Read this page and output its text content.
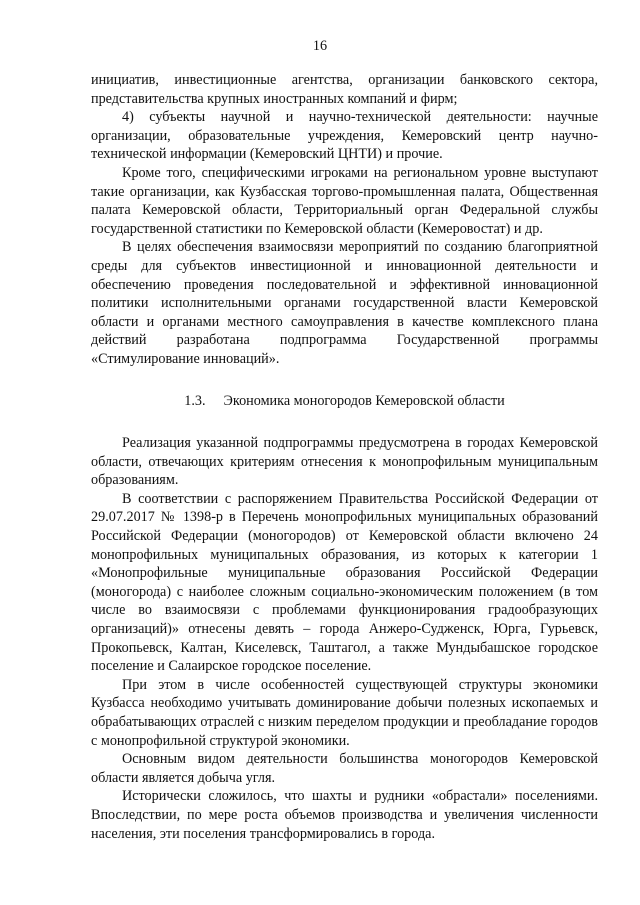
16

инициатив, инвестиционные агентства, организации банковского сектора, представительства крупных иностранных компаний и фирм;

4) субъекты научной и научно-технической деятельности: научные организации, образовательные учреждения, Кемеровский центр научно-технической информации (Кемеровский ЦНТИ) и прочие.

Кроме того, специфическими игроками на региональном уровне выступают такие организации, как Кузбасская торгово-промышленная палата, Общественная палата Кемеровской области, Территориальный орган Федеральной службы государственной статистики по Кемеровской области (Кемеровостат) и др.

В целях обеспечения взаимосвязи мероприятий по созданию благоприятной среды для субъектов инвестиционной и инновационной деятельности и обеспечению проведения последовательной и эффективной инновационной политики исполнительными органами государственной власти Кемеровской области и органами местного самоуправления в качестве комплексного плана действий разработана подпрограмма Государственной программы «Стимулирование инноваций».

1.3. Экономика моногородов Кемеровской области

Реализация указанной подпрограммы предусмотрена в городах Кемеровской области, отвечающих критериям отнесения к монопрофильным муниципальным образованиям.

В соответствии с распоряжением Правительства Российской Федерации от 29.07.2017 № 1398-р в Перечень монопрофильных муниципальных образований Российской Федерации (моногородов) от Кемеровской области включено 24 монопрофильных муниципальных образования, из которых к категории 1 «Монопрофильные муниципальные образования Российской Федерации (моногорода) с наиболее сложным социально-экономическим положением (в том числе во взаимосвязи с проблемами функционирования градообразующих организаций)» отнесены девять – города Анжеро-Судженск, Юрга, Гурьевск, Прокопьевск, Калтан, Киселевск, Таштагол, а также Мундыбашское городское поселение и Салаирское городское поселение.

При этом в числе особенностей существующей структуры экономики Кузбасса необходимо учитывать доминирование добычи полезных ископаемых и обрабатывающих отраслей с низким переделом продукции и преобладание городов с монопрофильной структурой экономики.

Основным видом деятельности большинства моногородов Кемеровской области является добыча угля.

Исторически сложилось, что шахты и рудники «обрастали» поселениями. Впоследствии, по мере роста объемов производства и увеличения численности населения, эти поселения трансформировались в города.
